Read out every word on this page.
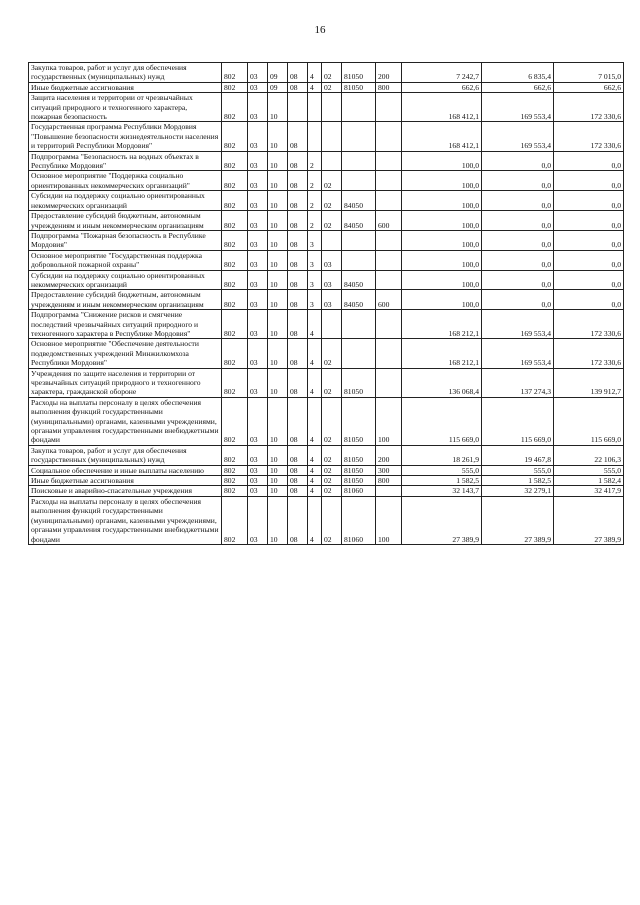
16
Закупка товаров, работ и услуг для обеспечения государственных (муниципальных) нужд	802	03	09	08	4	02	81050	200	7 242,7	6 835,4	7 015,0
Иные бюджетные ассигнования	802	03	09	08	4	02	81050	800	662,6	662,6	662,6
Защита населения и территории от чрезвычайных ситуаций природного и техногенного характера, пожарная безопасность	802	03	10						168 412,1	169 553,4	172 330,6
Государственная программа Республики Мордовия "Повышение безопасности жизнедеятельности населения и территорий Республики Мордовия"	802	03	10	08					168 412,1	169 553,4	172 330,6
Подпрограмма "Безопасность на водных объектах в Республике Мордовия"	802	03	10	08	2				100,0	0,0	0,0
Основное мероприятие "Поддержка социально ориентированных некоммерческих организаций"	802	03	10	08	2	02			100,0	0,0	0,0
Субсидии на поддержку социально ориентированных некоммерческих организаций	802	03	10	08	2	02	84050		100,0	0,0	0,0
Предоставление субсидий бюджетным, автономным учреждениям и иным некоммерческим организациям	802	03	10	08	2	02	84050	600	100,0	0,0	0,0
Подпрограмма "Пожарная безопасность в Республике Мордовия"	802	03	10	08	3				100,0	0,0	0,0
Основное мероприятие "Государственная поддержка добровольной пожарной охраны"	802	03	10	08	3	03			100,0	0,0	0,0
Субсидии на поддержку социально ориентированных некоммерческих организаций	802	03	10	08	3	03	84050		100,0	0,0	0,0
Предоставление субсидий бюджетным, автономным учреждениям и иным некоммерческим организациям	802	03	10	08	3	03	84050	600	100,0	0,0	0,0
Подпрограмма "Снижение рисков и смягчение последствий чрезвычайных ситуаций природного и техногенного характера в Республике Мордовия"	802	03	10	08	4				168 212,1	169 553,4	172 330,6
Основное мероприятие "Обеспечение деятельности подведомственных учреждений Минжилкомхоза Республики Мордовия"	802	03	10	08	4	02			168 212,1	169 553,4	172 330,6
Учреждения по защите населения и территории от чрезвычайных ситуаций природного и техногенного характера, гражданской обороне	802	03	10	08	4	02	81050		136 068,4	137 274,3	139 912,7
Расходы на выплаты персоналу в целях обеспечения выполнения функций государственными (муниципальными) органами, казенными учреждениями, органами управления государственными внебюджетными фондами	802	03	10	08	4	02	81050	100	115 669,0	115 669,0	115 669,0
Закупка товаров, работ и услуг для обеспечения государственных (муниципальных) нужд	802	03	10	08	4	02	81050	200	18 261,9	19 467,8	22 106,3
Социальное обеспечение и иные выплаты населению	802	03	10	08	4	02	81050	300	555,0	555,0	555,0
Иные бюджетные ассигнования	802	03	10	08	4	02	81050	800	1 582,5	1 582,5	1 582,4
Поисковые и аварийно-спасательные учреждения	802	03	10	08	4	02	81060		32 143,7	32 279,1	32 417,9
Расходы на выплаты персоналу в целях обеспечения выполнения функций государственными (муниципальными) органами, казенными учреждениями, органами управления государственными внебюджетными фондами	802	03	10	08	4	02	81060	100	27 389,9	27 389,9	27 389,9
